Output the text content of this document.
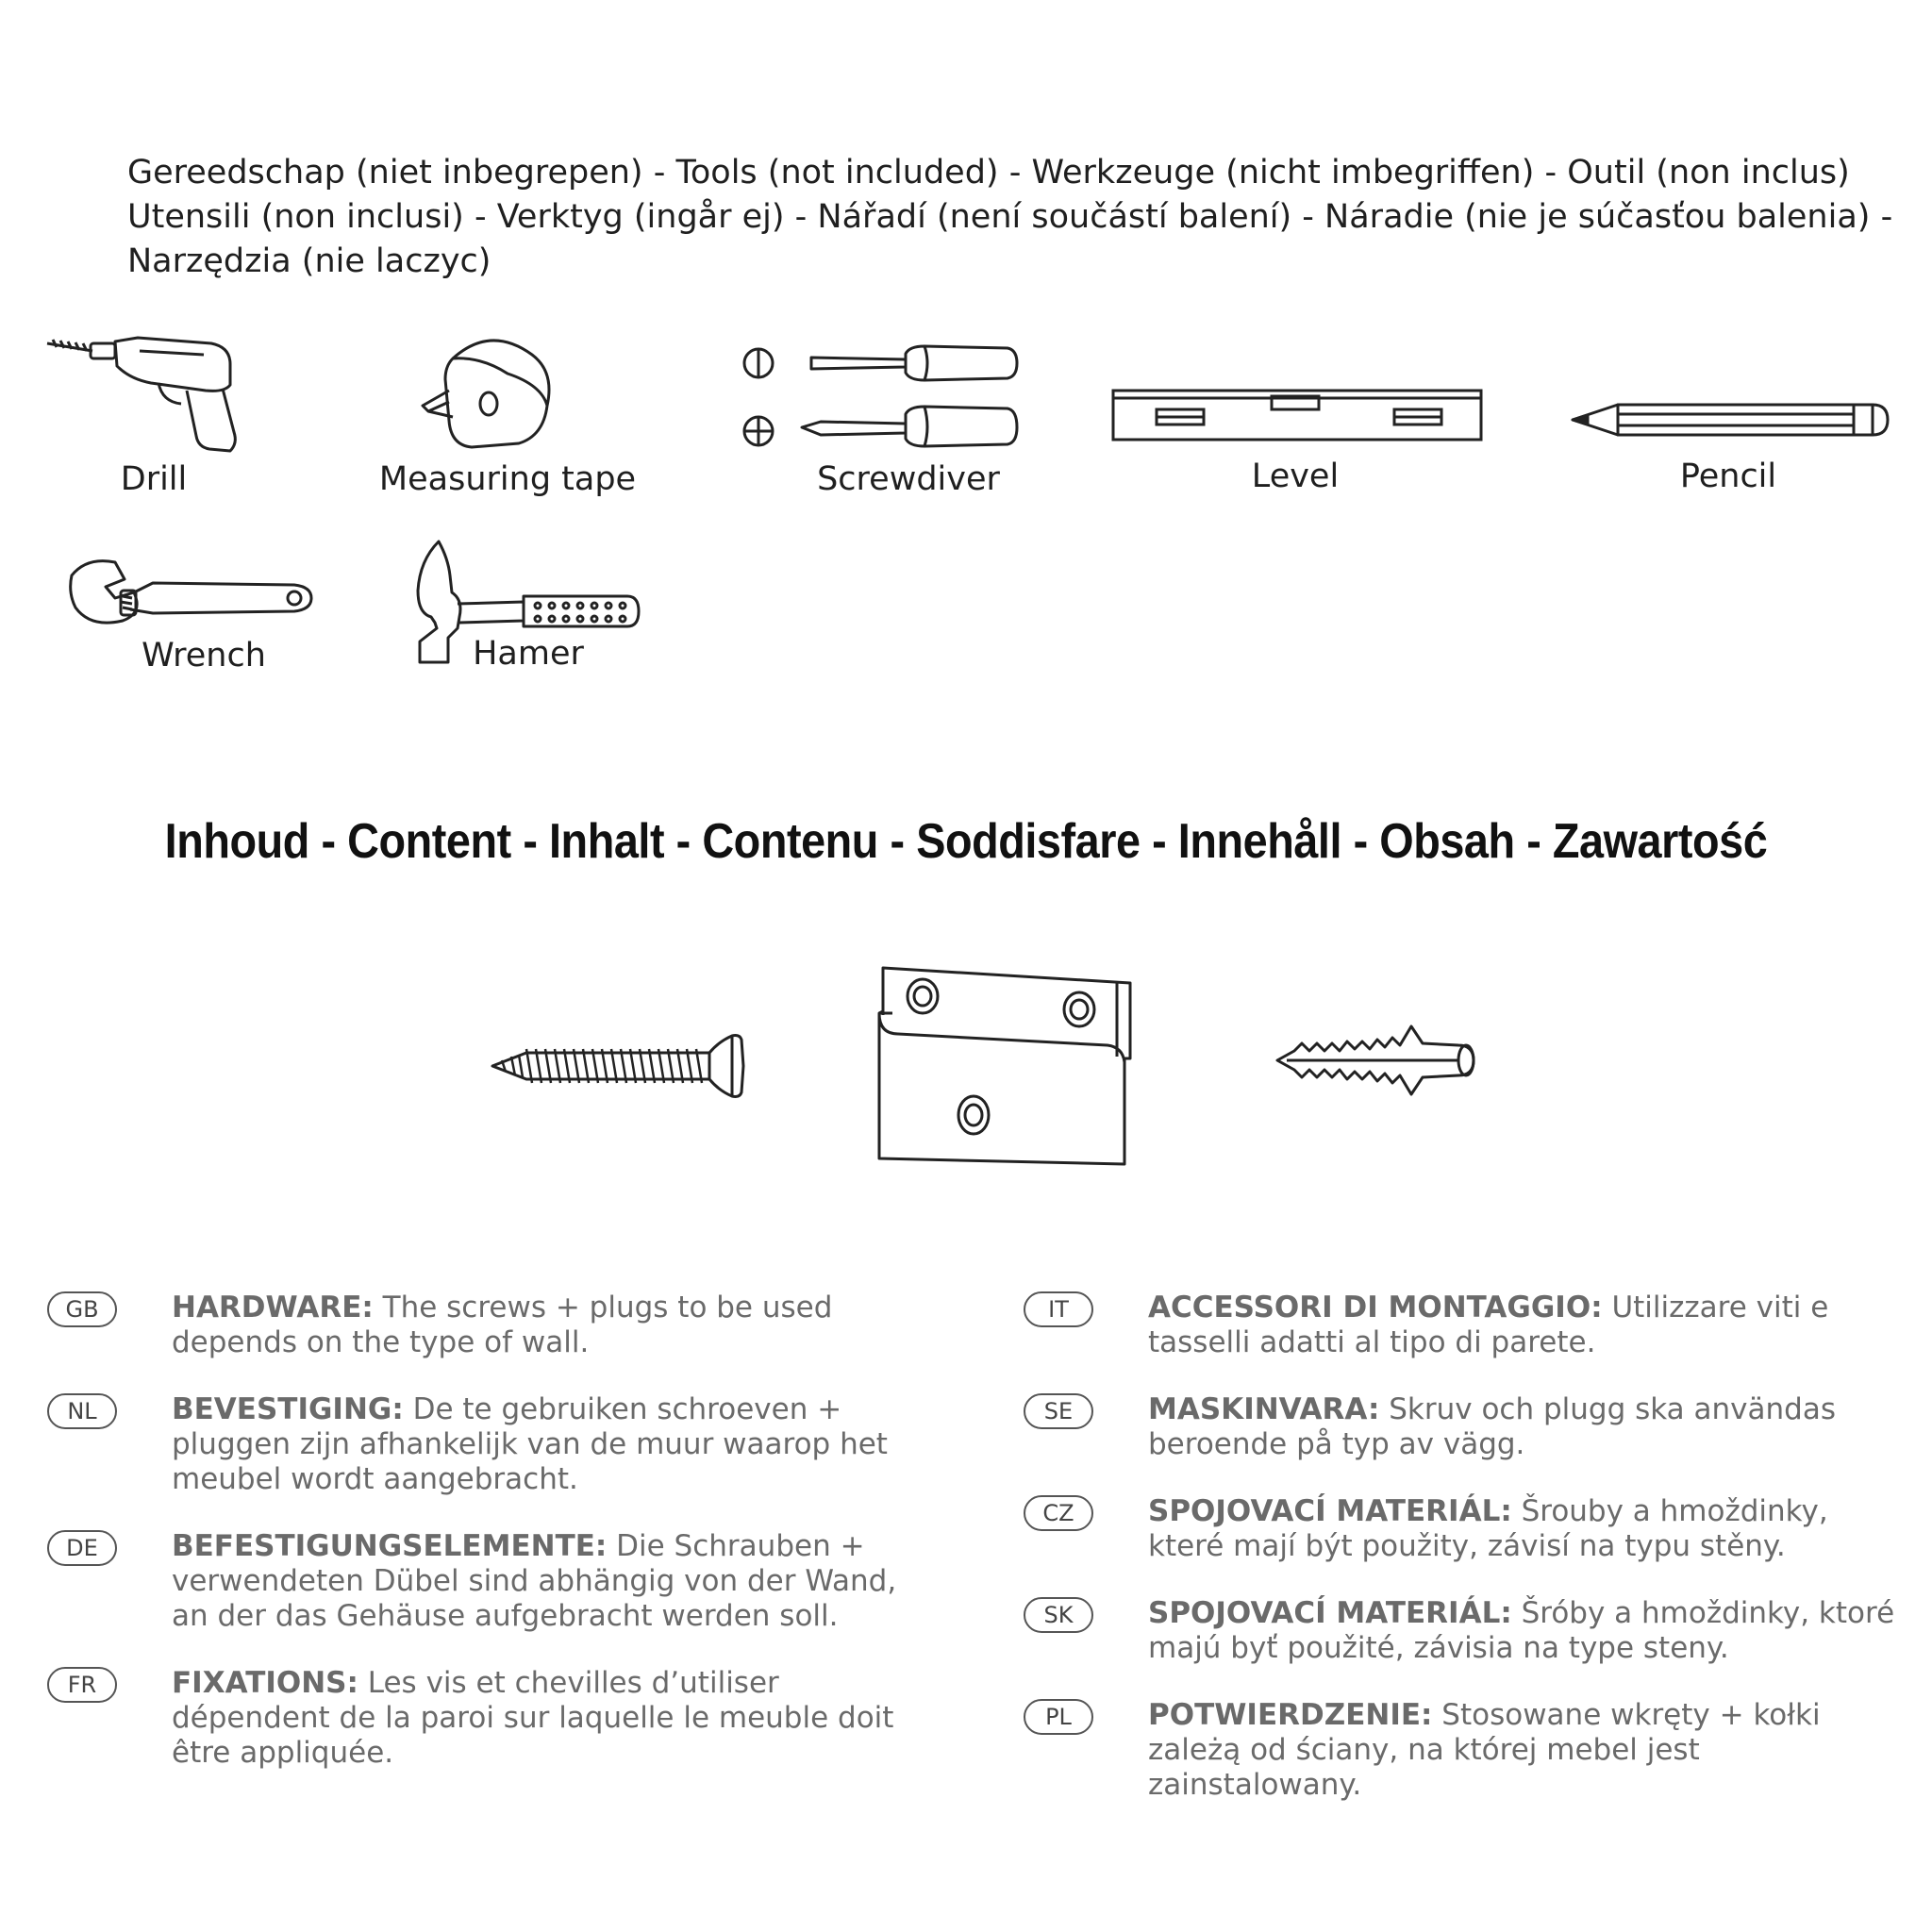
Gereedschap (niet inbegrepen) - Tools (not included) - Werkzeuge (nicht imbegriffen) - Outil (non inclus)
Utensili (non inclusi) - Verktyg (ingår ej) - Nářadí (není součástí balení) - Náradie (nie je súčasťou balenia) -
Narzędzia (nie laczyc)
Drill	Measuring tape	Screwdiver	Level	Pencil
Wrench	Hamer
Inhoud - Content - Inhalt - Contenu - Soddisfare - Innehåll - Obsah - Zawartość
GB	HARDWARE: The screws + plugs to be used depends on the type of wall.
NL	BEVESTIGING: De te gebruiken schroeven + pluggen zijn afhankelijk van de muur waarop het meubel wordt aangebracht.
DE	BEFESTIGUNGSELEMENTE: Die Schrauben + verwendeten Dübel sind abhängig von der Wand, an der das Gehäuse aufgebracht werden soll.
FR	FIXATIONS: Les vis et chevilles d’utiliser dépendent de la paroi sur laquelle le meuble doit être appliquée.
IT	ACCESSORI DI MONTAGGIO: Utilizzare viti e tasselli adatti al tipo di parete.
SE	MASKINVARA: Skruv och plugg ska användas beroende på typ av vägg.
CZ	SPOJOVACÍ MATERIÁL: Šrouby a hmoždinky, které mají být použity, závisí na typu stěny.
SK	SPOJOVACÍ MATERIÁL: Šróby a hmoždinky, ktoré majú byť použité, závisia na type steny.
PL	POTWIERDZENIE: Stosowane wkręty + kołki zależą od ściany, na której mebel jest zainstalowany.
